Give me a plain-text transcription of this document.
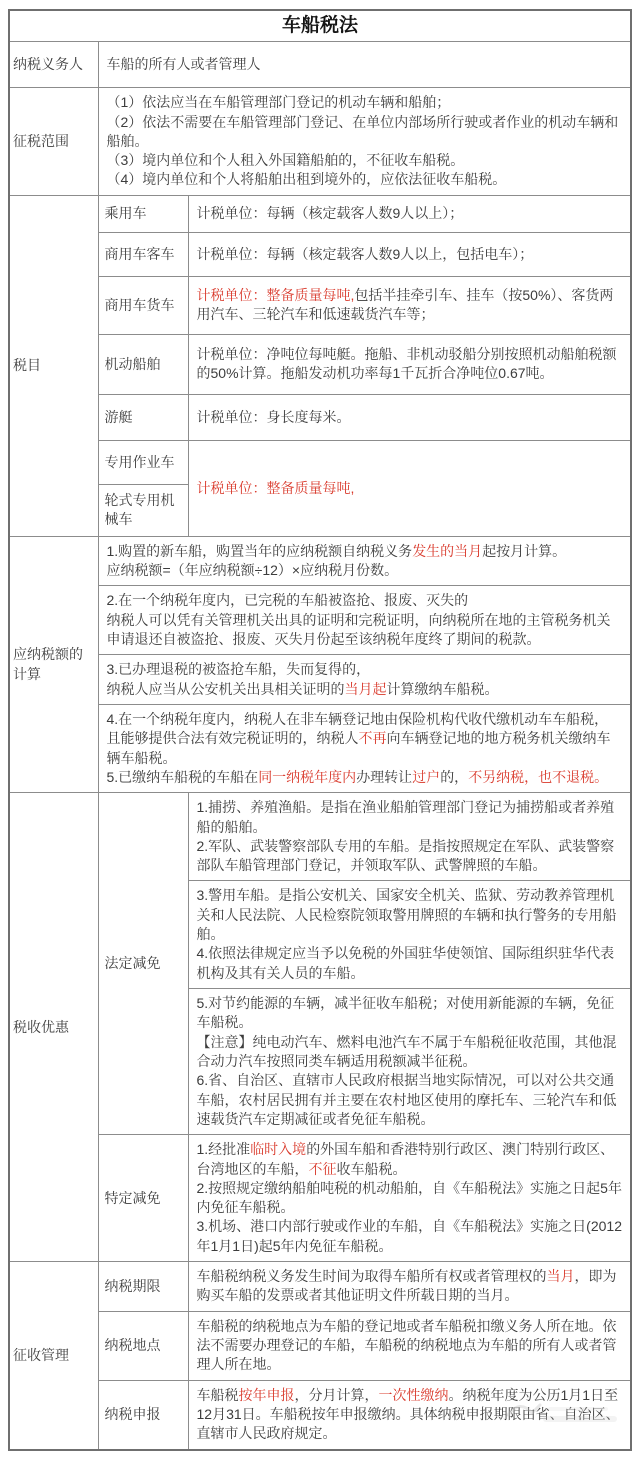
车船税法		
纳税义务人	车船的所有人或者管理人	
征税范围	（1）依法应当在车船管理部门登记的机动车辆和船舶；
（2）依法不需要在车船管理部门登记、在单位内部场所行驶或者作业的机动车辆和船舶。
（3）境内单位和个人租入外国籍船舶的，不征收车船税。
（4）境内单位和个人将船舶出租到境外的，应依法征收车船税。	

税目	乘用车	计税单位：每辆（核定载客人数9人以上）；
	商用车客车	计税单位：每辆（核定载客人数9人以上，包括电车）；
	商用车货车	计税单位：整备质量每吨,包括半挂牵引车、挂车（按50%）、客货两用汽车、三轮汽车和低速载货汽车等；
	机动船舶	计税单位：净吨位每吨艇。拖船、非机动驳船分别按照机动船舶税额的50%计算。拖船发动机功率每1千瓦折合净吨位0.67吨。
	游艇	计税单位：身长度每米。
	专用作业车	计税单位：整备质量每吨,
	轮式专用机械车	
应纳税额的计算	1.购置的新车船，购置当年的应纳税额自纳税义务发生的当月起按月计算。
应纳税额=（年应纳税额÷12）×应纳税月份数。	

	2.在一个纳税年度内，已完税的车船被盗抢、报废、灭失的
纳税人可以凭有关管理机关出具的证明和完税证明，向纳税所在地的主管税务机关申请退还自被盗抢、报废、灭失月份起至该纳税年度终了期间的税款。	

	3.已办理退税的被盗抢车船，失而复得的，
纳税人应当从公安机关出具相关证明的当月起计算缴纳车船税。	

	4.在一个纳税年度内，纳税人在非车辆登记地由保险机构代收代缴机动车车船税，且能够提供合法有效完税证明的，纳税人不再向车辆登记地的地方税务机关缴纳车辆车船税。
5.已缴纳车船税的车船在同一纳税年度内办理转让过户的，不另纳税，也不退税。	

税收优惠	法定减免	1.捕捞、养殖渔船。是指在渔业船舶管理部门登记为捕捞船或者养殖船的船舶。
2.军队、武装警察部队专用的车船。是指按照规定在军队、武装警察部队车船管理部门登记，并领取军队、武警牌照的车船。

		3.警用车船。是指公安机关、国家安全机关、监狱、劳动教养管理机关和人民法院、人民检察院领取警用牌照的车辆和执行警务的专用船舶。
4.依照法律规定应当予以免税的外国驻华使领馆、国际组织驻华代表机构及其有关人员的车船。

		5.对节约能源的车辆，减半征收车船税；对使用新能源的车辆，免征车船税。
【注意】纯电动汽车、燃料电池汽车不属于车船税征收范围，其他混合动力汽车按照同类车辆适用税额减半征税。
6.省、自治区、直辖市人民政府根据当地实际情况，可以对公共交通车船，农村居民拥有并主要在农村地区使用的摩托车、三轮汽车和低速载货汽车定期减征或者免征车船税。

	特定减免	1.经批准临时入境的外国车船和香港特别行政区、澳门特别行政区、台湾地区的车船，不征收车船税。
2.按照规定缴纳船舶吨税的机动船舶，自《车船税法》实施之日起5年内免征车船税。
3.机场、港口内部行驶或作业的车船，自《车船税法》实施之日(2012年1月1日)起5年内免征车船税。

征收管理	纳税期限	车船税纳税义务发生时间为取得车船所有权或者管理权的当月，即为购买车船的发票或者其他证明文件所载日期的当月。
	纳税地点	车船税的纳税地点为车船的登记地或者车船税扣缴义务人所在地。依法不需要办理登记的车船，车船税的纳税地点为车船的所有人或者管理人所在地。
	纳税申报	车船税按年申报，分月计算，一次性缴纳。纳税年度为公历1月1日至12月31日。车船税按年申报缴纳。具体纳税申报期限由省、自治区、直辖市人民政府规定。
